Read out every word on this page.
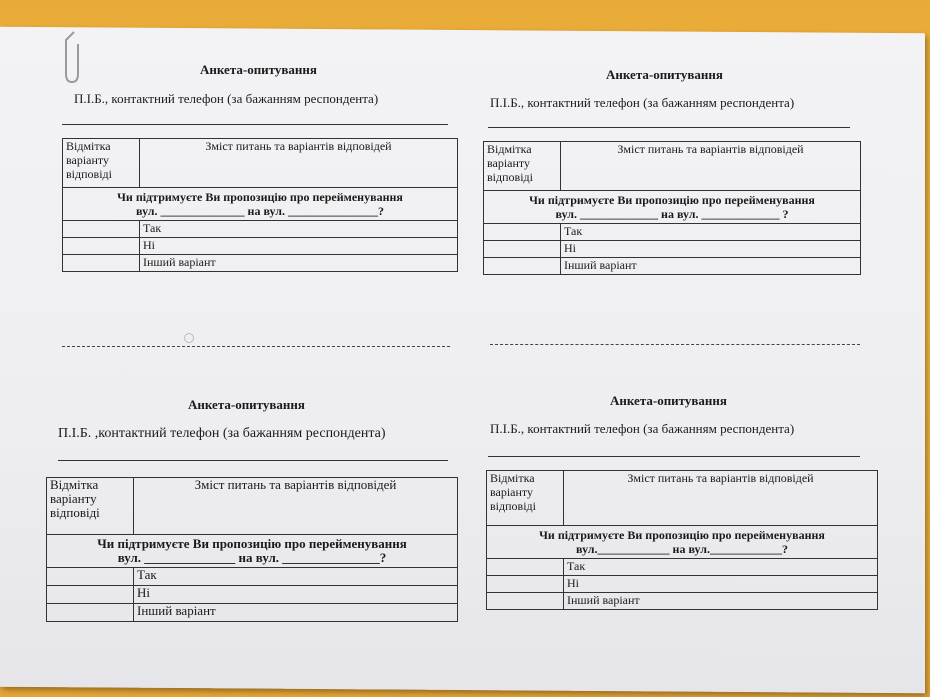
Анкета-опитування
П.І.Б., контактний телефон (за бажанням респондента)
Відмітка варіанту відповіді	Зміст питань та варіантів відповідей

Чи підтримуєте Ви пропозицію про перейменування
вул. ______________ на вул. _______________?	

	Так
	Ні
	Інший варіант
Анкета-опитування
П.І.Б., контактний телефон (за бажанням респондента)
Відмітка варіанту відповіді	Зміст питань та варіантів відповідей

Чи підтримуєте Ви пропозицію про перейменування
вул. _____________ на вул. _____________ ?	

	Так
	Ні
	Інший варіант
Анкета-опитування
П.І.Б. ,контактний телефон (за бажанням респондента)
Відмітка варіанту відповіді	Зміст питань та варіантів відповідей

Чи підтримуєте Ви пропозицію про перейменування
вул. ______________ на вул. _______________?	

	Так
	Ні
	Інший варіант
Анкета-опитування
П.І.Б., контактний телефон (за бажанням респондента)
Відмітка варіанту відповіді	Зміст питань та варіантів відповідей

Чи підтримуєте Ви пропозицію про перейменування
вул.____________ на вул.____________?	

	Так
	Ні
	Інший варіант
